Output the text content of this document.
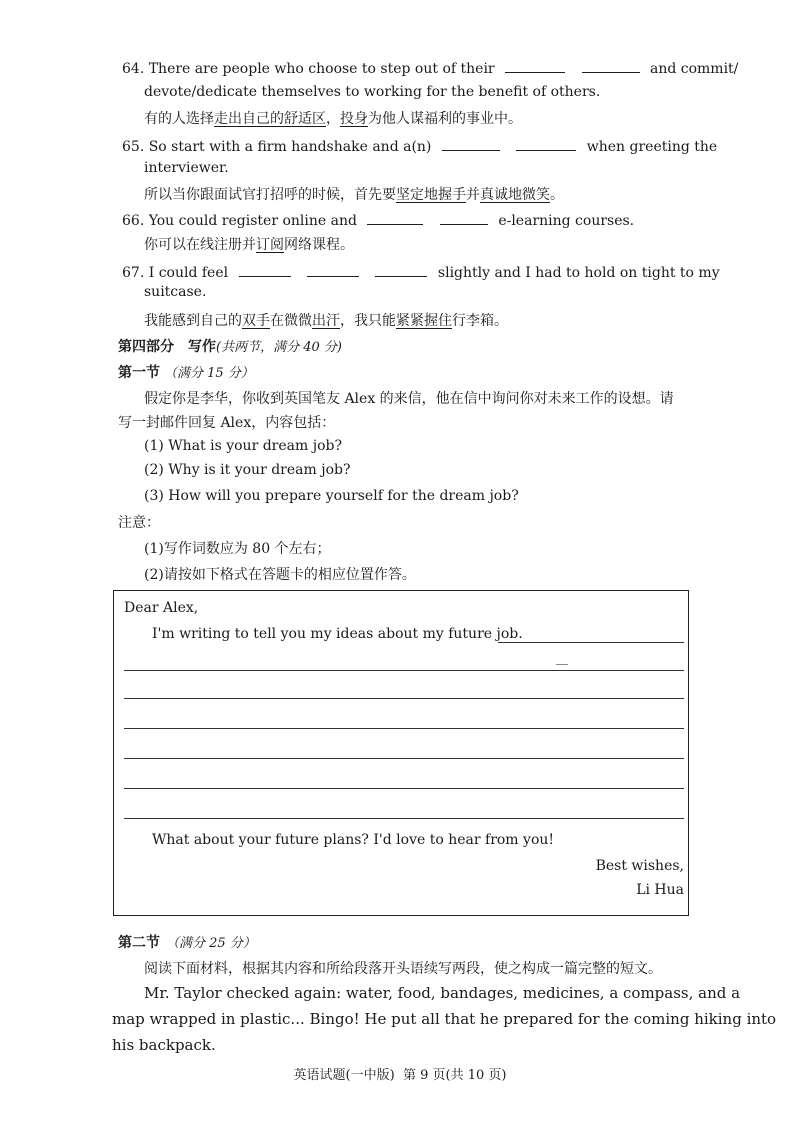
64. There are people who choose to step out of their	and commit/
devote/dedicate themselves to working for the benefit of others.
有的人选择走出自己的舒适区，投身为他人谋福利的事业中。
65. So start with a firm handshake and a(n)	when greeting the
interviewer.
所以当你跟面试官打招呼的时候，首先要坚定地握手并真诚地微笑。
66. You could register online and	e-learning courses.
你可以在线注册并订阅网络课程。
67. I could feel	slightly and I had to hold on tight to my
suitcase.
我能感到自己的双手在微微出汗，我只能紧紧握住行李箱。
第四部分　写作(共两节，满分 40 分)
第一节 （满分 15 分）
假定你是李华，你收到英国笔友 Alex 的来信，他在信中询问你对未来工作的设想。请
写一封邮件回复 Alex，内容包括：
(1) What is your dream job?
(2) Why is it your dream job?
(3) How will you prepare yourself for the dream job?
注意：
(1)写作词数应为 80 个左右；
(2)请按如下格式在答题卡的相应位置作答。
Dear Alex,
I'm writing to tell you my ideas about my future job.
What about your future plans? I'd love to hear from you!
Best wishes,
Li Hua
第二节 （满分 25 分）
阅读下面材料，根据其内容和所给段落开头语续写两段，使之构成一篇完整的短文。
Mr. Taylor checked again: water, food, bandages, medicines, a compass, and a
map wrapped in plastic... Bingo! He put all that he prepared for the coming hiking into
his backpack.
英语试题(一中版)  第 9 页(共 10 页)
